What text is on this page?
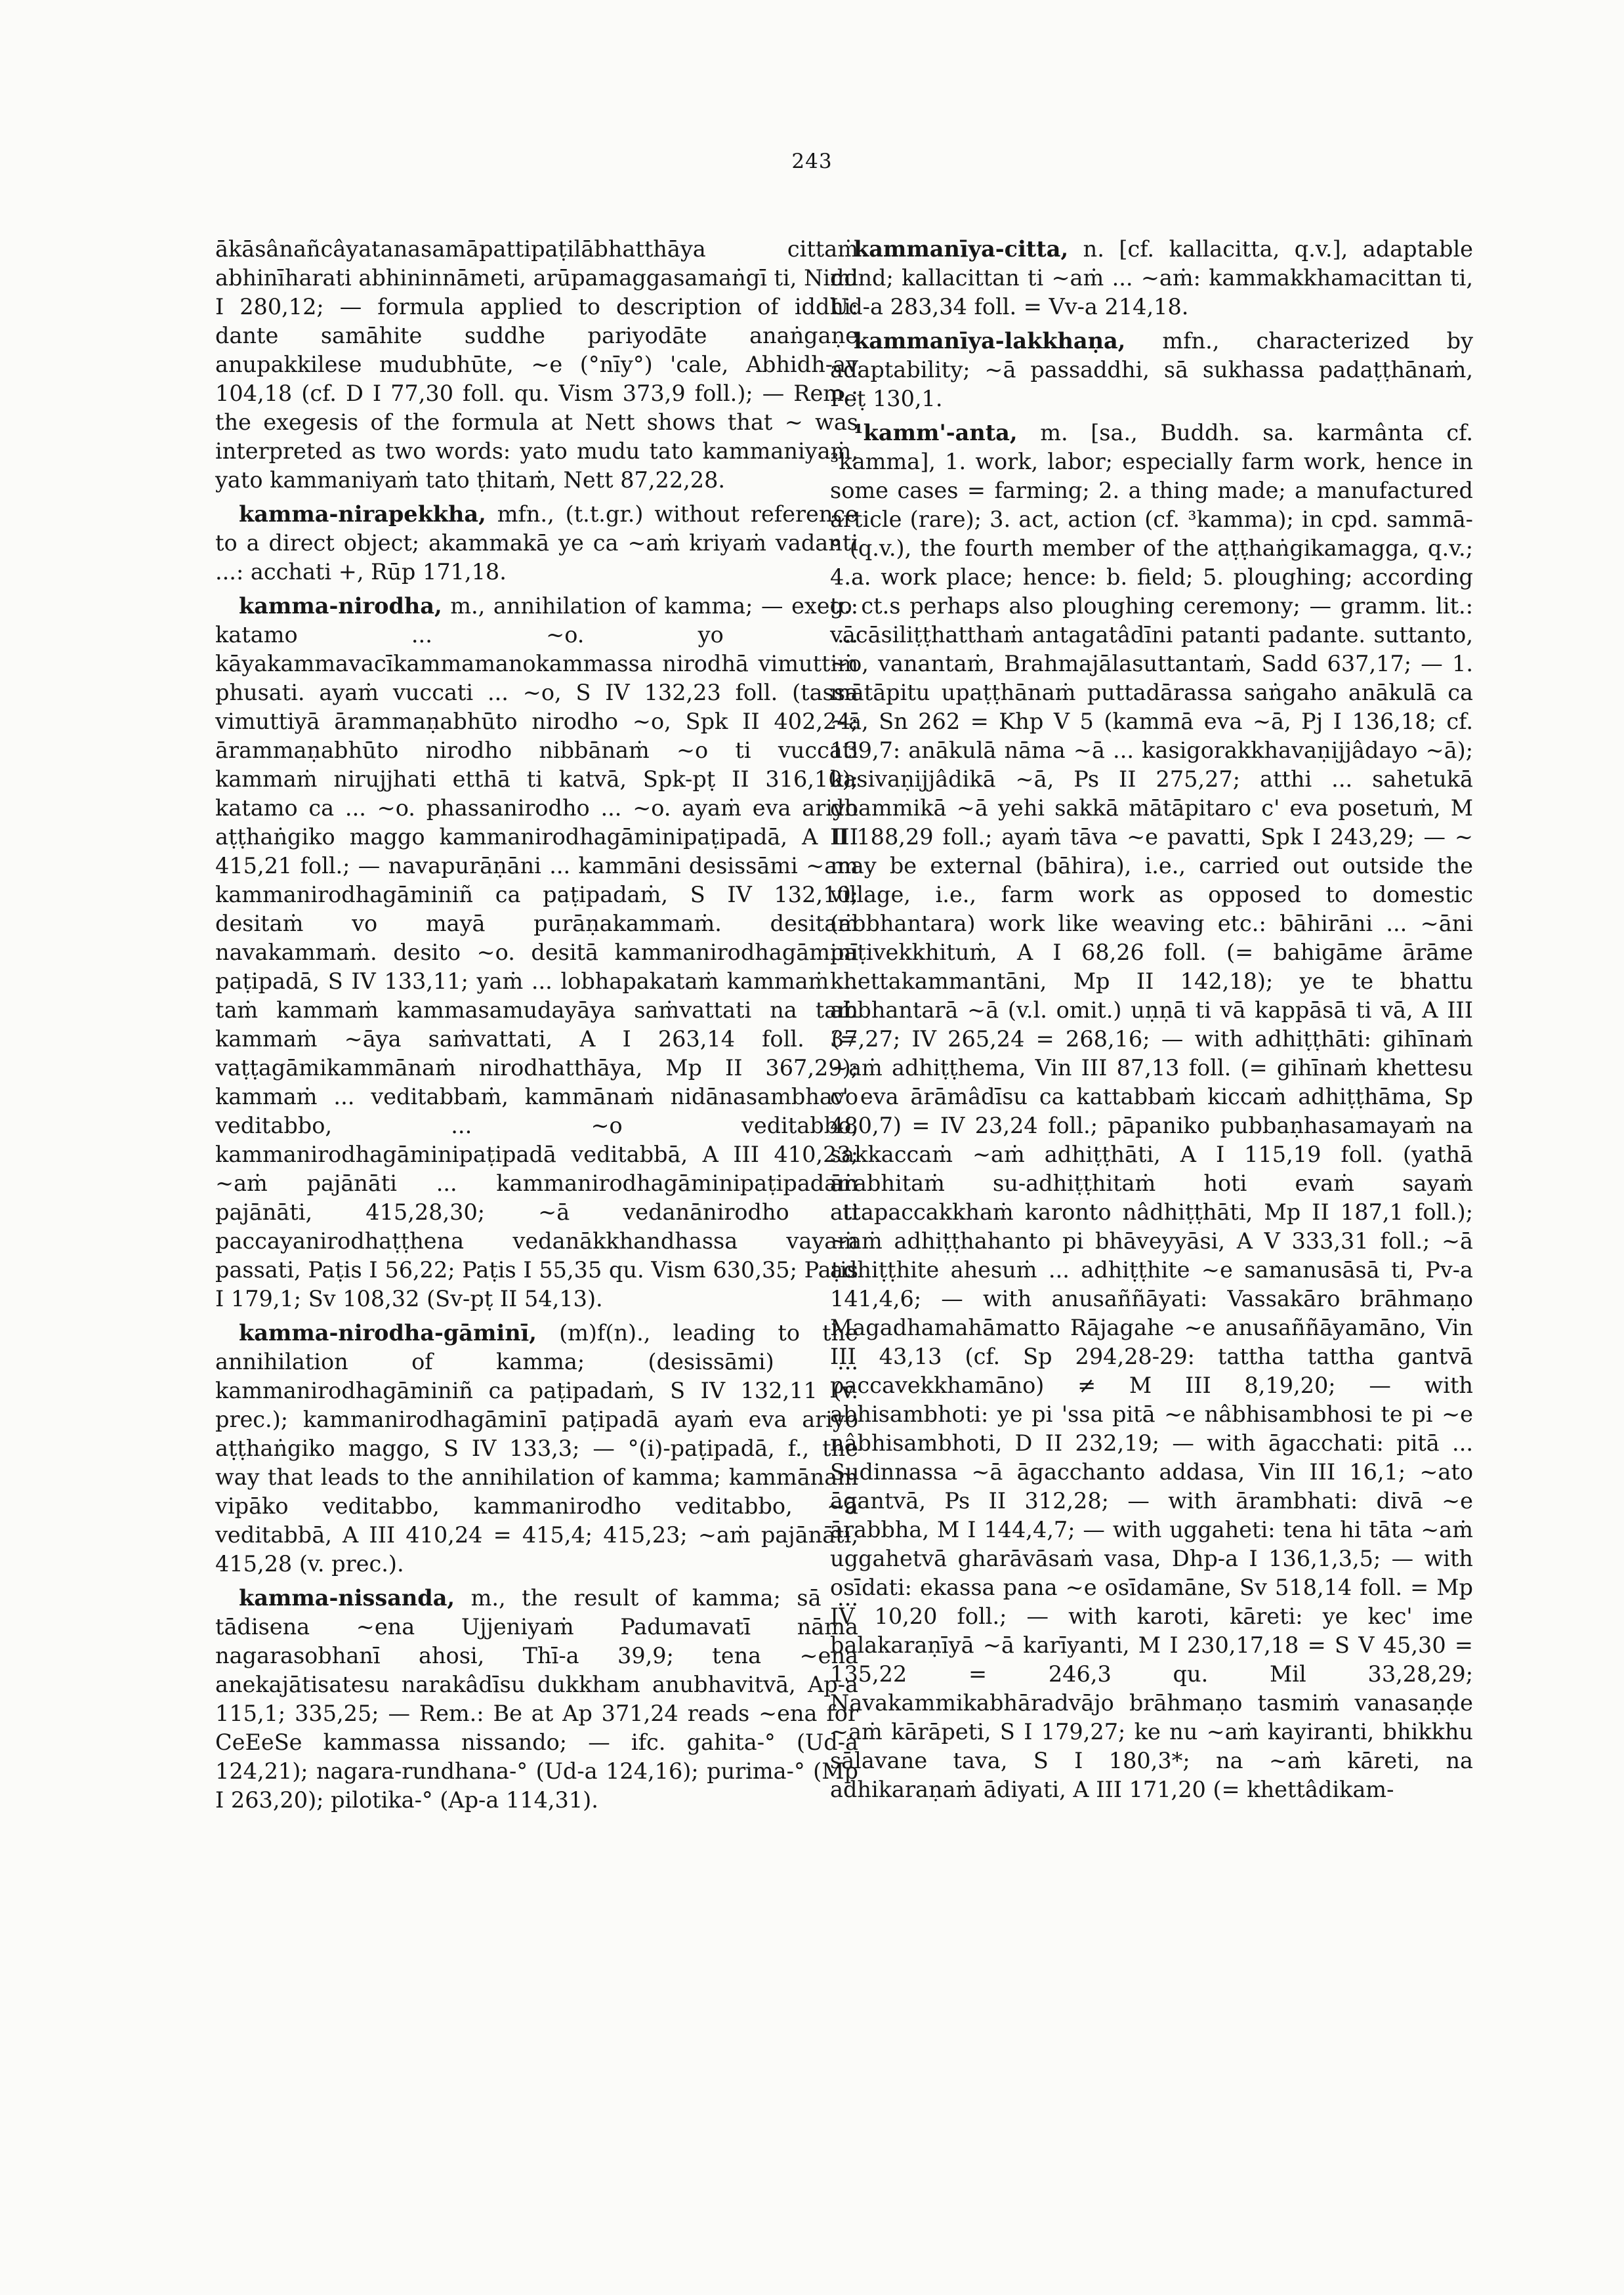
243

ākāsânañcâyatanasamāpattipaṭilābhatthāya cittaṁ abhinīharati abhininnāmeti, arūpamaggasamaṅgī ti, Nidd I 280,12; — formula applied to description of iddhi: dante samāhite suddhe pariyodāte anaṅgaṇe anupakkilese mudubhūte, ~e (°nīy°) 'cale, Abhidh-av 104,18 (cf. D I 77,30 foll. qu. Vism 373,9 foll.); — Rem.: the exegesis of the formula at Nett shows that ~ was interpreted as two words: yato mudu tato kammaniyaṁ, yato kammaniyaṁ tato ṭhitaṁ, Nett 87,22,28.

kamma-nirapekkha, mfn., (t.t.gr.) without reference to a direct object; akammakā ye ca ~aṁ kriyaṁ vadanti ...: acchati +, Rūp 171,18.

kamma-nirodha, m., annihilation of kamma; — exeg.: katamo ... ~o. yo ... kāyakammavacīkammamanokammassa nirodhā vimuttiṁ phusati. ayaṁ vuccati ... ~o, S IV 132,23 foll. (tassa vimuttiyā ārammaṇabhūto nirodho ~o, Spk II 402,24; ārammaṇabhūto nirodho nibbānaṁ ~o ti vuccati kammaṁ nirujjhati etthā ti katvā, Spk-pṭ II 316,10); katamo ca ... ~o. phassanirodho ... ~o. ayaṁ eva ariyo aṭṭhaṅgiko maggo kammanirodhagāminipaṭipadā, A III 415,21 foll.; — navapurāṇāni ... kammāni desissāmi ~am kammanirodhagāminiñ ca paṭipadaṁ, S IV 132,10; desitaṁ vo mayā purāṇakammaṁ. desitaṁ navakammaṁ. desito ~o. desitā kammanirodhagāminī paṭipadā, S IV 133,11; yaṁ ... lobhapakataṁ kammaṁ ... taṁ kammaṁ kammasamudayāya saṁvattati na taṁ kammaṁ ~āya saṁvattati, A I 263,14 foll. (= vaṭṭagāmikammānaṁ nirodhatthāya, Mp II 367,29); kammaṁ ... veditabbaṁ, kammānaṁ nidānasambhavo veditabbo, ... ~o veditabbo, kammanirodhagāminipaṭipadā veditabbā, A III 410,23; ~aṁ pajānāti ... kammanirodhagāminipaṭipadaṁ pajānāti, 415,28,30; ~ā vedanānirodho ti paccayanirodhaṭṭhena vedanākkhandhassa vayaṁ passati, Paṭis I 56,22; Paṭis I 55,35 qu. Vism 630,35; Paṭis I 179,1; Sv 108,32 (Sv-pṭ II 54,13).

kamma-nirodha-gāminī, (m)f(n)., leading to the annihilation of kamma; (desissāmi) ... kammanirodhagāminiñ ca paṭipadaṁ, S IV 132,11 (v. prec.); kammanirodhagāminī paṭipadā ayaṁ eva ariyo aṭṭhaṅgiko maggo, S IV 133,3; — °(i)-paṭipadā, f., the way that leads to the annihilation of kamma; kammānaṁ vipāko veditabbo, kammanirodho veditabbo, ~ā veditabbā, A III 410,24 = 415,4; 415,23; ~aṁ pajānāti, 415,28 (v. prec.).

kamma-nissanda, m., the result of kamma; sā ... tādisena ~ena Ujjeniyaṁ Padumavatī nāma nagarasobhanī ahosi, Thī-a 39,9; tena ~ena anekajātisatesu narakâdīsu dukkham anubhavitvā, Ap-a 115,1; 335,25; — Rem.: Be at Ap 371,24 reads ~ena for CeEeSe kammassa nissando; — ifc. gahita-° (Ud-a 124,21); nagara-rundhana-° (Ud-a 124,16); purima-° (Mp I 263,20); pilotika-° (Ap-a 114,31).

kammanīya-citta, n. [cf. kallacitta, q.v.], adaptable mind; kallacittan ti ~aṁ ... ~aṁ: kammakkhamacittan ti, Ud-a 283,34 foll. = Vv-a 214,18.

kammanīya-lakkhaṇa, mfn., characterized by adaptability; ~ā passaddhi, sā sukhassa padaṭṭhānaṁ, Peṭ 130,1.

¹kamm'-anta, m. [sa., Buddh. sa. karmânta cf. ³kamma], 1. work, labor; especially farm work, hence in some cases = farming; 2. a thing made; a manufactured article (rare); 3. act, action (cf. ³kamma); in cpd. sammā-° (q.v.), the fourth member of the aṭṭhaṅgikamagga, q.v.; 4.a. work place; hence: b. field; 5. ploughing; according to ct.s perhaps also ploughing ceremony; — gramm. lit.: vācāsiliṭṭhatthaṁ antagatâdīni patanti padante. suttanto, ~o, vanantaṁ, Brahmajālasuttantaṁ, Sadd 637,17; — 1. mātāpitu upaṭṭhānaṁ puttadārassa saṅgaho anākulā ca ~ā, Sn 262 = Khp V 5 (kammā eva ~ā, Pj I 136,18; cf. 139,7: anākulā nāma ~ā ... kasigorakkhavaṇijjâdayo ~ā); kasivaṇijjâdikā ~ā, Ps II 275,27; atthi ... sahetukā dhammikā ~ā yehi sakkā mātāpitaro c' eva posetuṁ, M II 188,29 foll.; ayaṁ tāva ~e pavatti, Spk I 243,29; — ~ may be external (bāhira), i.e., carried out outside the village, i.e., farm work as opposed to domestic (abbhantara) work like weaving etc.: bāhirāni ... ~āni paṭivekkhituṁ, A I 68,26 foll. (= bahigāme ārāme khettakammantāni, Mp II 142,18); ye te bhattu abbhantarā ~ā (v.l. omit.) uṇṇā ti vā kappāsā ti vā, A III 37,27; IV 265,24 = 268,16; — with adhiṭṭhāti: gihīnaṁ ~aṁ adhiṭṭhema, Vin III 87,13 foll. (= gihīnaṁ khettesu c' eva ārāmâdīsu ca kattabbaṁ kiccaṁ adhiṭṭhāma, Sp 480,7) = IV 23,24 foll.; pāpaniko pubbaṇhasamayaṁ na sakkaccaṁ ~aṁ adhiṭṭhāti, A I 115,19 foll. (yathā ārabhitaṁ su-adhiṭṭhitaṁ hoti evaṁ sayaṁ attapaccakkhaṁ karonto nâdhiṭṭhāti, Mp II 187,1 foll.); ~aṁ adhiṭṭhahanto pi bhāveyyāsi, A V 333,31 foll.; ~ā adhiṭṭhite ahesuṁ ... adhiṭṭhite ~e samanusāsā ti, Pv-a 141,4,6; — with anusaññāyati: Vassakāro brāhmaṇo Magadhamahāmatto Rājagahe ~e anusaññāyamāno, Vin III 43,13 (cf. Sp 294,28-29: tattha tattha gantvā paccavekkhamāno) ≠ M III 8,19,20; — with abhisambhoti: ye pi 'ssa pitā ~e nâbhisambhosi te pi ~e nâbhisambhoti, D II 232,19; — with āgacchati: pitā ... Sudinnassa ~ā āgacchanto addasa, Vin III 16,1; ~ato āgantvā, Ps II 312,28; — with ārambhati: divā ~e ārabbha, M I 144,4,7; — with uggaheti: tena hi tāta ~aṁ uggahetvā gharāvāsaṁ vasa, Dhp-a I 136,1,3,5; — with osīdati: ekassa pana ~e osīdamāne, Sv 518,14 foll. = Mp IV 10,20 foll.; — with karoti, kāreti: ye kec' ime balakaraṇīyā ~ā karīyanti, M I 230,17,18 = S V 45,30 = 135,22 = 246,3 qu. Mil 33,28,29; Navakammikabhāradvājo brāhmaṇo tasmiṁ vanasaṇḍe ~aṁ kārāpeti, S I 179,27; ke nu ~aṁ kayiranti, bhikkhu sālavane tava, S I 180,3*; na ~aṁ kāreti, na adhikaraṇaṁ ādiyati, A III 171,20 (= khettâdikam-
